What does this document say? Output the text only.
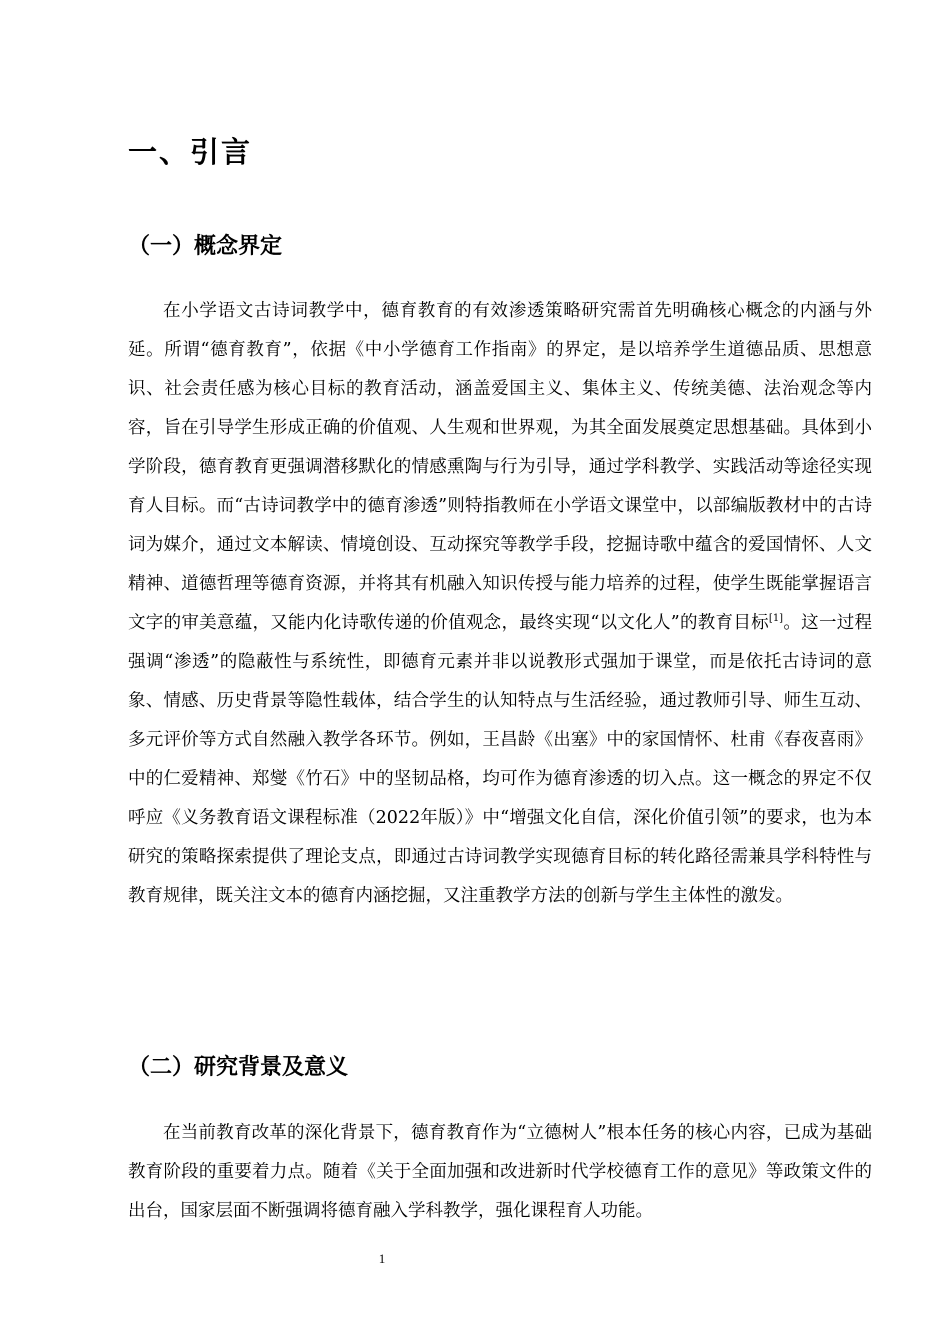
一、引言
（一）概念界定

在小学语文古诗词教学中，德育教育的有效渗透策略研究需首先明确核心概念的内涵与外延。所谓“德育教育”，依据《中小学德育工作指南》的界定，是以培养学生道德品质、思想意识、社会责任感为核心目标的教育活动，涵盖爱国主义、集体主义、传统美德、法治观念等内容，旨在引导学生形成正确的价值观、人生观和世界观，为其全面发展奠定思想基础。具体到小学阶段，德育教育更强调潜移默化的情感熏陶与行为引导，通过学科教学、实践活动等途径实现育人目标。而“古诗词教学中的德育渗透”则特指教师在小学语文课堂中，以部编版教材中的古诗词为媒介，通过文本解读、情境创设、互动探究等教学手段，挖掘诗歌中蕴含的爱国情怀、人文精神、道德哲理等德育资源，并将其有机融入知识传授与能力培养的过程，使学生既能掌握语言文字的审美意蕴，又能内化诗歌传递的价值观念，最终实现“以文化人”的教育目标[1]。这一过程强调“渗透”的隐蔽性与系统性，即德育元素并非以说教形式强加于课堂，而是依托古诗词的意象、情感、历史背景等隐性载体，结合学生的认知特点与生活经验，通过教师引导、师生互动、多元评价等方式自然融入教学各环节。例如，王昌龄《出塞》中的家国情怀、杜甫《春夜喜雨》中的仁爱精神、郑燮《竹石》中的坚韧品格，均可作为德育渗透的切入点。这一概念的界定不仅呼应《义务教育语文课程标准（2022年版）》中“增强文化自信，深化价值引领”的要求，也为本研究的策略探索提供了理论支点，即通过古诗词教学实现德育目标的转化路径需兼具学科特性与教育规律，既关注文本的德育内涵挖掘，又注重教学方法的创新与学生主体性的激发。

（二）研究背景及意义

在当前教育改革的深化背景下，德育教育作为“立德树人”根本任务的核心内容，已成为基础教育阶段的重要着力点。随着《关于全面加强和改进新时代学校德育工作的意见》等政策文件的出台，国家层面不断强调将德育融入学科教学，强化课程育人功能。

1
